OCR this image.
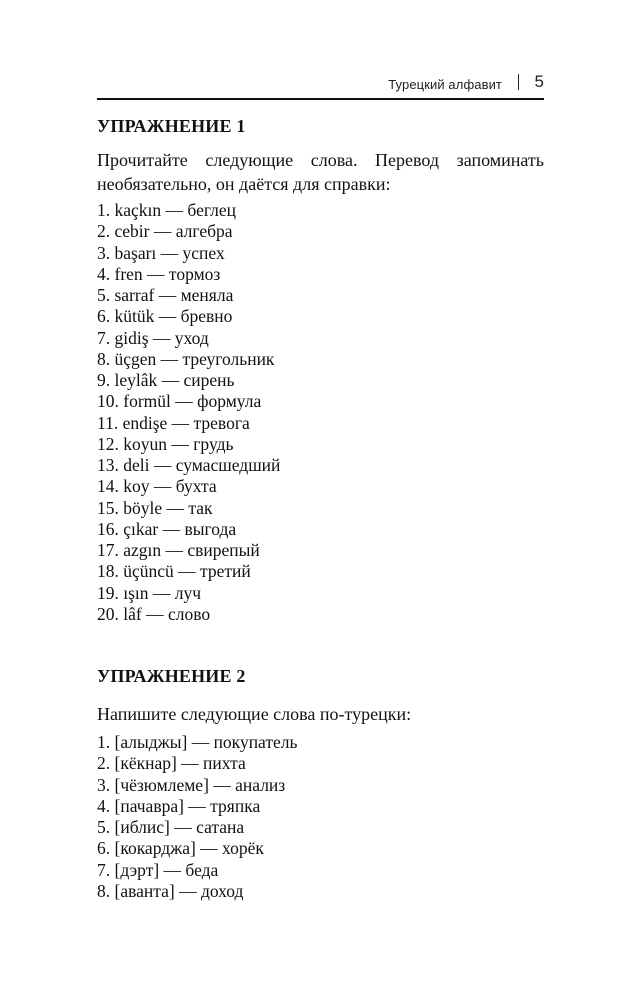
Турецкий алфавит 5
УПРАЖНЕНИЕ 1
Прочитайте следующие слова. Перевод запоминать необязательно, он даётся для справки:
1. kaçkın — беглец
2. cebir — алгебра
3. başarı — успех
4. fren — тормоз
5. sarraf — меняла
6. kütük — бревно
7. gidiş — уход
8. üçgen — треугольник
9. leylâk — сирень
10. formül — формула
11. endişe — тревога
12. koyun — грудь
13. deli — сумасшедший
14. koy — бухта
15. böyle — так
16. çıkar — выгода
17. azgın — свирепый
18. üçüncü — третий
19. ışın — луч
20. lâf — слово
УПРАЖНЕНИЕ 2
Напишите следующие слова по-турецки:
1. [алыджы] — покупатель
2. [кёкнар] — пихта
3. [чёзюмлеме] — анализ
4. [пачавра] — тряпка
5. [иблис] — сатана
6. [кокарджа] — хорёк
7. [дэрт] — беда
8. [аванта] — доход
